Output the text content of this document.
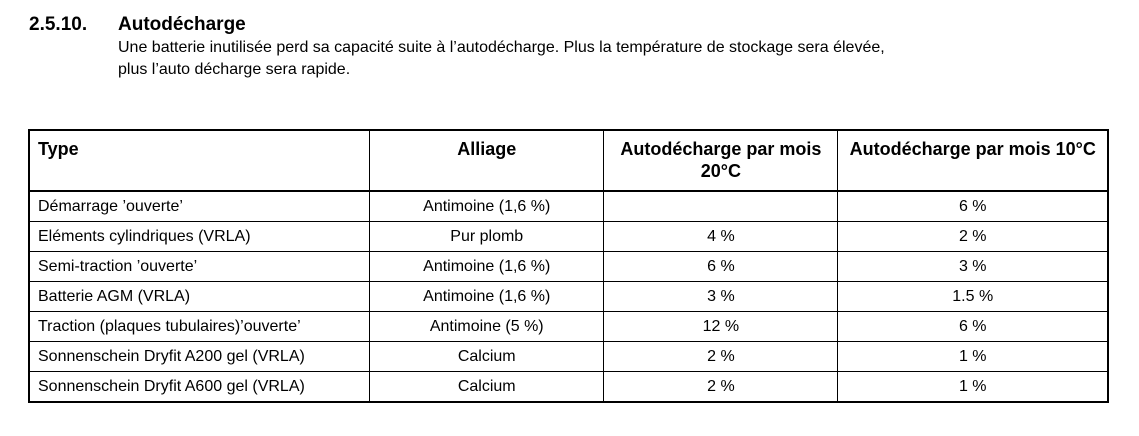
2.5.10.	Autodécharge
Une batterie inutilisée perd sa capacité suite à l’autodécharge. Plus la température de stockage sera élevée,
plus l’auto décharge sera rapide.
Type	Alliage	Autodécharge par mois 20°C	Autodécharge par mois 10°C
Démarrage ’ouverte’	Antimoine (1,6 %)		6 %
Eléments cylindriques (VRLA)	Pur plomb	4 %	2 %
Semi-traction ’ouverte’	Antimoine (1,6 %)	6 %	3 %
Batterie AGM (VRLA)	Antimoine (1,6 %)	3 %	1.5 %
Traction (plaques tubulaires)’ouverte’	Antimoine (5 %)	12 %	6 %
Sonnenschein Dryfit A200 gel (VRLA)	Calcium	2 %	1 %
Sonnenschein Dryfit A600 gel (VRLA)	Calcium	2 %	1 %
